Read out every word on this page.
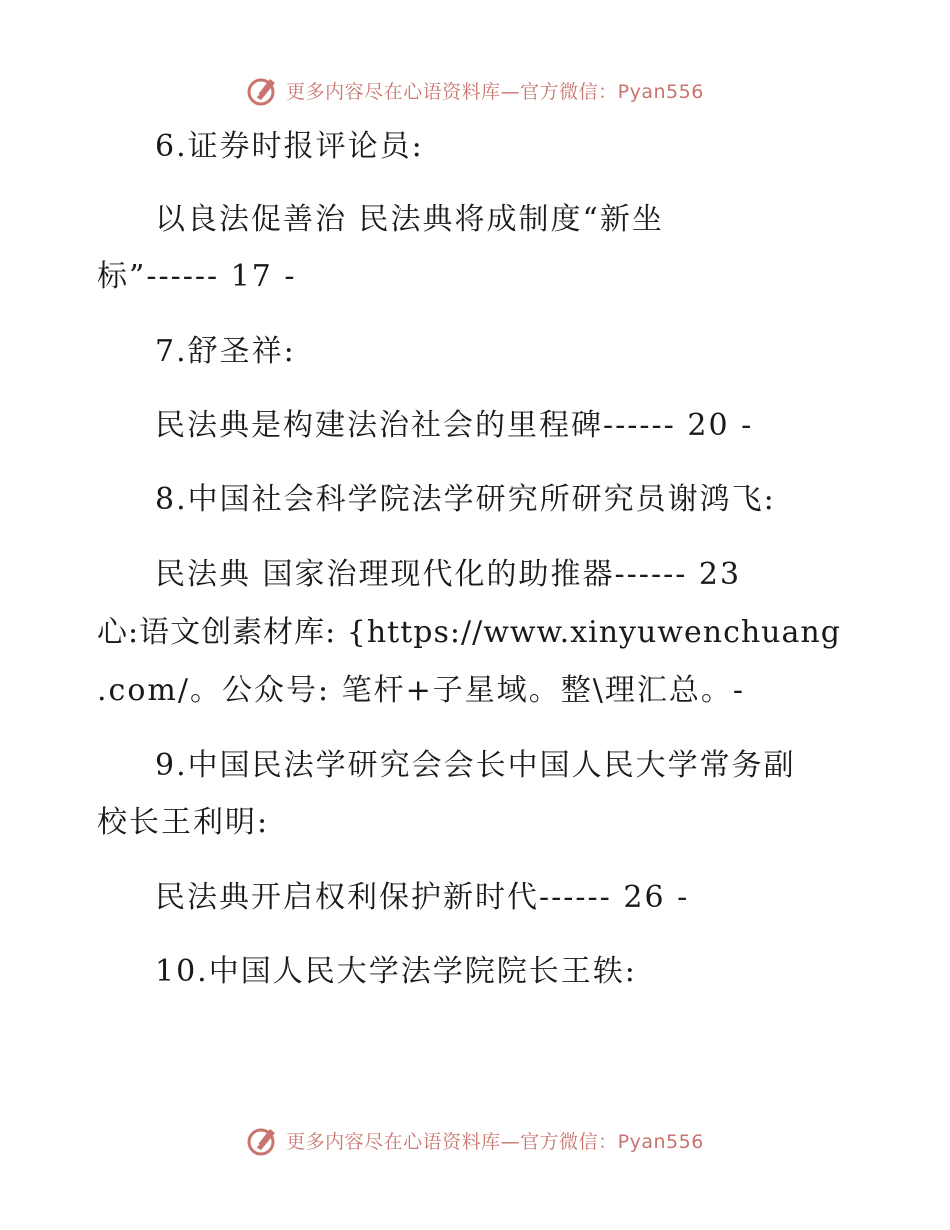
更多内容尽在心语资料库—官方微信：Pyan556
6.证券时报评论员:
以良法促善治 民法典将成制度“新坐
标”------ 17 -
7.舒圣祥:
民法典是构建法治社会的里程碑------ 20 -
8.中国社会科学院法学研究所研究员谢鸿飞:
民法典 国家治理现代化的助推器------ 23
心:语文创素材库: {https://www.xinyuwenchuang
.com/。公众号: 笔杆+子星域。整\理汇总。-
9.中国民法学研究会会长中国人民大学常务副
校长王利明:
民法典开启权利保护新时代------ 26 -
10.中国人民大学法学院院长王轶:
更多内容尽在心语资料库—官方微信：Pyan556
